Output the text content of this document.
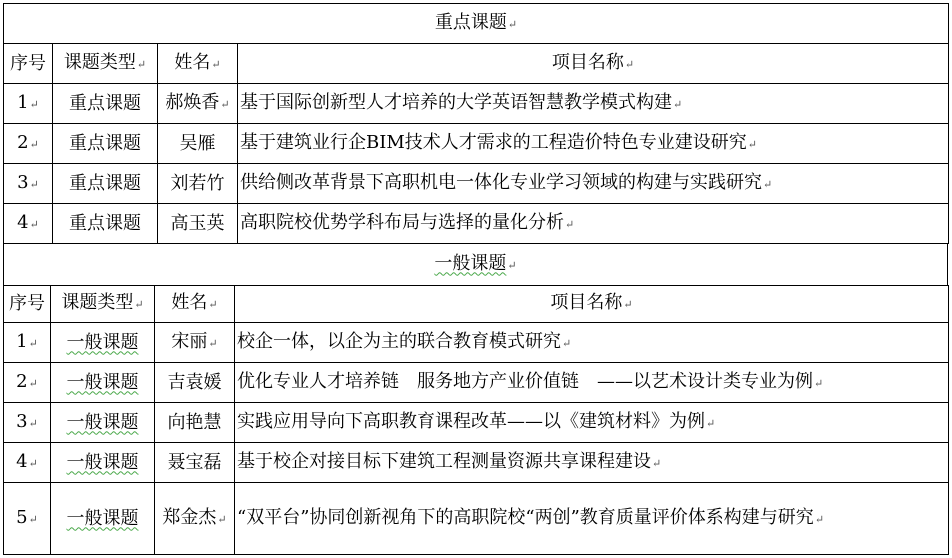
重点课题↵			
序号	课题类型↵	姓名↵	项目名称↵
1↵	重点课题	郝焕香↵	基于国际创新型人才培养的大学英语智慧教学模式构建↵
2↵	重点课题	吴雁	基于建筑业行企BIM技术人才需求的工程造价特色专业建设研究↵
3↵	重点课题	刘若竹	供给侧改革背景下高职机电一体化专业学习领域的构建与实践研究↵
4↵	重点课题	高玉英	高职院校优势学科布局与选择的量化分析↵
一般课题↵
序号	课题类型↵	姓名↵	项目名称↵
1↵	一般课题	宋丽↵	校企一体，以企为主的联合教育模式研究↵
2↵	一般课题	吉袁媛	优化专业人才培养链　服务地方产业价值链　——以艺术设计类专业为例↵
3↵	一般课题	向艳慧	实践应用导向下高职教育课程改革——以《建筑材料》为例↵
4↵	一般课题	聂宝磊	基于校企对接目标下建筑工程测量资源共享课程建设↵
5↵	一般课题	郑金杰↵	“双平台”协同创新视角下的高职院校“两创”教育质量评价体系构建与研究↵
